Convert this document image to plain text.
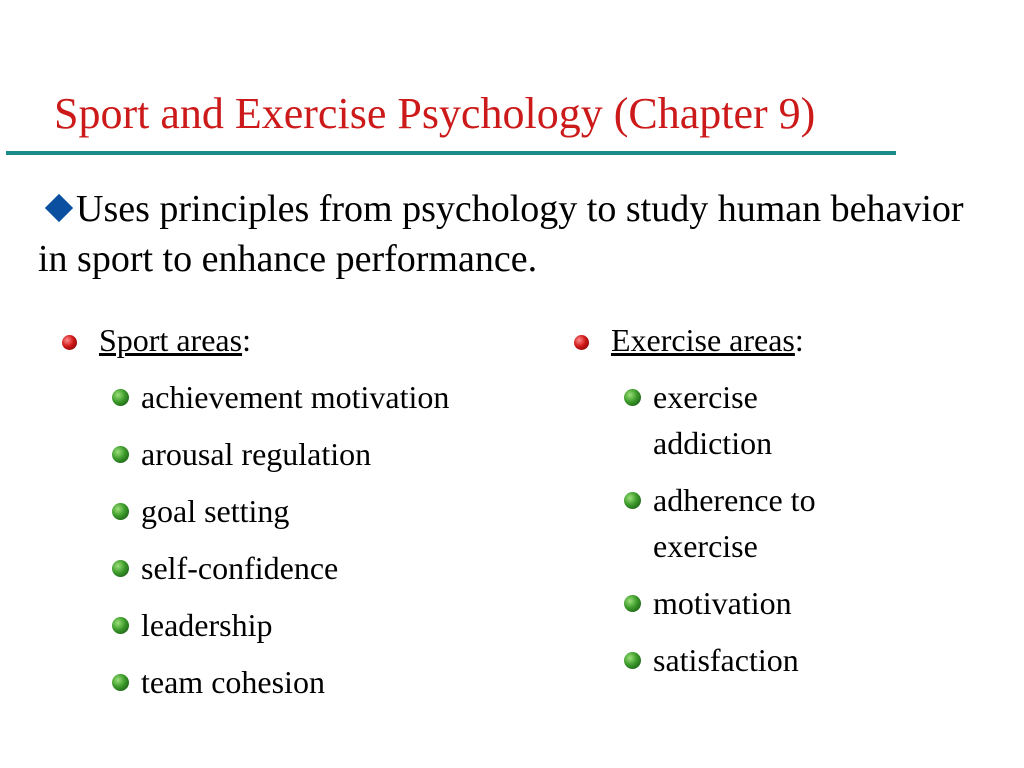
Sport and Exercise Psychology (Chapter 9)
Uses principles from psychology to study human behavior in sport to enhance performance.
Sport areas :
achievement motivation
arousal regulation
goal setting
self-confidence
leadership
team cohesion
Exercise areas :
exercise addiction
adherence to exercise
motivation
satisfaction
